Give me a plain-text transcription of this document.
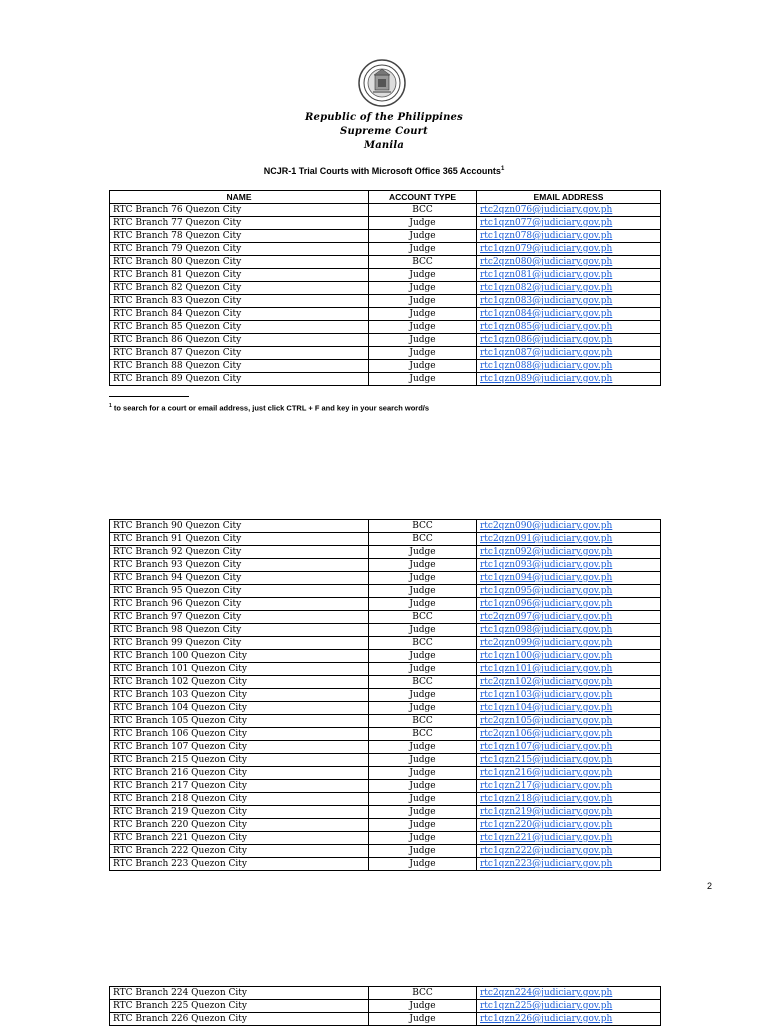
Republic of the Philippines
Supreme Court
Manila
NCJR-1 Trial Courts with Microsoft Office 365 Accounts$^1$
NAME	ACCOUNT TYPE	EMAIL ADDRESS
RTC Branch 76 Quezon City	BCC	rtc2qzn076@judiciary.gov.ph
RTC Branch 77 Quezon City	Judge	rtc1qzn077@judiciary.gov.ph
RTC Branch 78 Quezon City	Judge	rtc1qzn078@judiciary.gov.ph
RTC Branch 79 Quezon City	Judge	rtc1qzn079@judiciary.gov.ph
RTC Branch 80 Quezon City	BCC	rtc2qzn080@judiciary.gov.ph
RTC Branch 81 Quezon City	Judge	rtc1qzn081@judiciary.gov.ph
RTC Branch 82 Quezon City	Judge	rtc1qzn082@judiciary.gov.ph
RTC Branch 83 Quezon City	Judge	rtc1qzn083@judiciary.gov.ph
RTC Branch 84 Quezon City	Judge	rtc1qzn084@judiciary.gov.ph
RTC Branch 85 Quezon City	Judge	rtc1qzn085@judiciary.gov.ph
RTC Branch 86 Quezon City	Judge	rtc1qzn086@judiciary.gov.ph
RTC Branch 87 Quezon City	Judge	rtc1qzn087@judiciary.gov.ph
RTC Branch 88 Quezon City	Judge	rtc1qzn088@judiciary.gov.ph
RTC Branch 89 Quezon City	Judge	rtc1qzn089@judiciary.gov.ph
$^1$ to search for a court or email address, just click CTRL + F and key in your search word/s
RTC Branch 90 Quezon City	BCC	rtc2qzn090@judiciary.gov.ph
RTC Branch 91 Quezon City	BCC	rtc2qzn091@judiciary.gov.ph
RTC Branch 92 Quezon City	Judge	rtc1qzn092@judiciary.gov.ph
RTC Branch 93 Quezon City	Judge	rtc1qzn093@judiciary.gov.ph
RTC Branch 94 Quezon City	Judge	rtc1qzn094@judiciary.gov.ph
RTC Branch 95 Quezon City	Judge	rtc1qzn095@judiciary.gov.ph
RTC Branch 96 Quezon City	Judge	rtc1qzn096@judiciary.gov.ph
RTC Branch 97 Quezon City	BCC	rtc2qzn097@judiciary.gov.ph
RTC Branch 98 Quezon City	Judge	rtc1qzn098@judiciary.gov.ph
RTC Branch 99 Quezon City	BCC	rtc2qzn099@judiciary.gov.ph
RTC Branch 100 Quezon City	Judge	rtc1qzn100@judiciary.gov.ph
RTC Branch 101 Quezon City	Judge	rtc1qzn101@judiciary.gov.ph
RTC Branch 102 Quezon City	BCC	rtc2qzn102@judiciary.gov.ph
RTC Branch 103 Quezon City	Judge	rtc1qzn103@judiciary.gov.ph
RTC Branch 104 Quezon City	Judge	rtc1qzn104@judiciary.gov.ph
RTC Branch 105 Quezon City	BCC	rtc2qzn105@judiciary.gov.ph
RTC Branch 106 Quezon City	BCC	rtc2qzn106@judiciary.gov.ph
RTC Branch 107 Quezon City	Judge	rtc1qzn107@judiciary.gov.ph
RTC Branch 215 Quezon City	Judge	rtc1qzn215@judiciary.gov.ph
RTC Branch 216 Quezon City	Judge	rtc1qzn216@judiciary.gov.ph
RTC Branch 217 Quezon City	Judge	rtc1qzn217@judiciary.gov.ph
RTC Branch 218 Quezon City	Judge	rtc1qzn218@judiciary.gov.ph
RTC Branch 219 Quezon City	Judge	rtc1qzn219@judiciary.gov.ph
RTC Branch 220 Quezon City	Judge	rtc1qzn220@judiciary.gov.ph
RTC Branch 221 Quezon City	Judge	rtc1qzn221@judiciary.gov.ph
RTC Branch 222 Quezon City	Judge	rtc1qzn222@judiciary.gov.ph
RTC Branch 223 Quezon City	Judge	rtc1qzn223@judiciary.gov.ph
2
RTC Branch 224 Quezon City	BCC	rtc2qzn224@judiciary.gov.ph
RTC Branch 225 Quezon City	Judge	rtc1qzn225@judiciary.gov.ph
RTC Branch 226 Quezon City	Judge	rtc1qzn226@judiciary.gov.ph
